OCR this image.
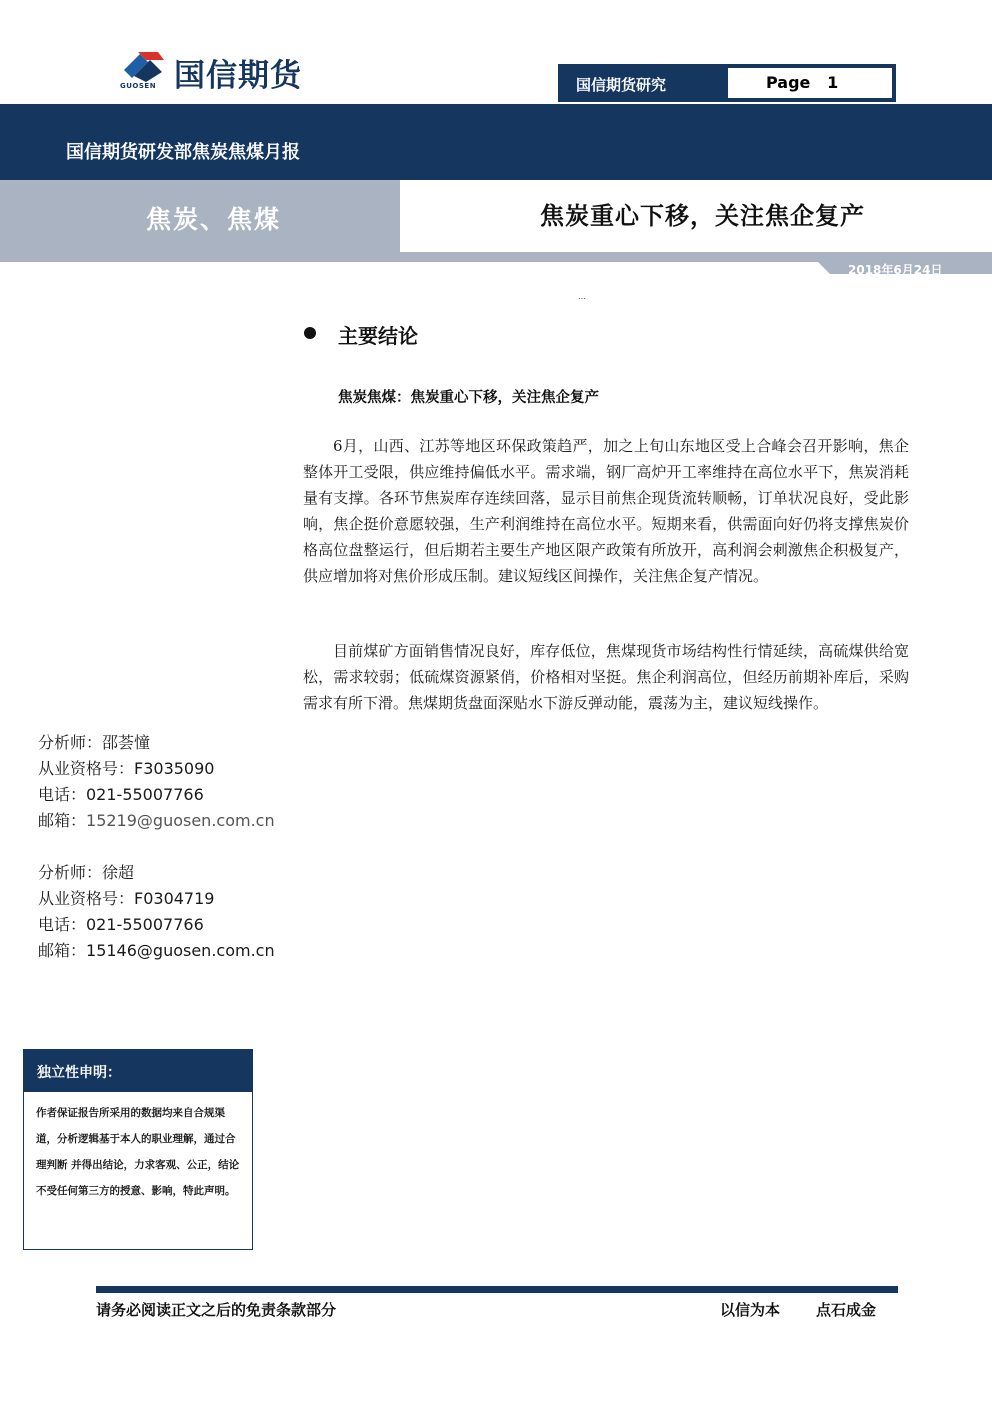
国信期货
GUOSEN	国信期货研究	Page 1
国信期货研发部焦炭焦煤月报
焦炭、焦煤	焦炭重心下移，关注焦企复产
2018年6月24日
…
主要结论
焦炭焦煤：焦炭重心下移，关注焦企复产

6月，山西、江苏等地区环保政策趋严，加之上旬山东地区受上合峰会召开影响，焦企整体开工受限，供应维持偏低水平。需求端，钢厂高炉开工率维持在高位水平下，焦炭消耗量有支撑。各环节焦炭库存连续回落，显示目前焦企现货流转顺畅，订单状况良好，受此影响，焦企挺价意愿较强，生产利润维持在高位水平。短期来看，供需面向好仍将支撑焦炭价格高位盘整运行，但后期若主要生产地区限产政策有所放开，高利润会刺激焦企积极复产，供应增加将对焦价形成压制。建议短线区间操作，关注焦企复产情况。

目前煤矿方面销售情况良好，库存低位，焦煤现货市场结构性行情延续，高硫煤供给宽松，需求较弱；低硫煤资源紧俏，价格相对坚挺。焦企利润高位，但经历前期补库后，采购需求有所下滑。焦煤期货盘面深贴水下游反弹动能，震荡为主，建议短线操作。

分析师：邵荟憧
从业资格号：F3035090
电话：021-55007766
邮箱：15219@guosen.com.cn
分析师：徐超
从业资格号：F0304719
电话：021-55007766
邮箱：15146@guosen.com.cn
独立性申明：
作者保证报告所采用的数据均来自合规渠道，分析逻辑基于本人的职业理解，通过合理判断 并得出结论，力求客观、公正，结论不受任何第三方的授意、影响，特此声明。
请务必阅读正文之后的免责条款部分	以信为本 点石成金
